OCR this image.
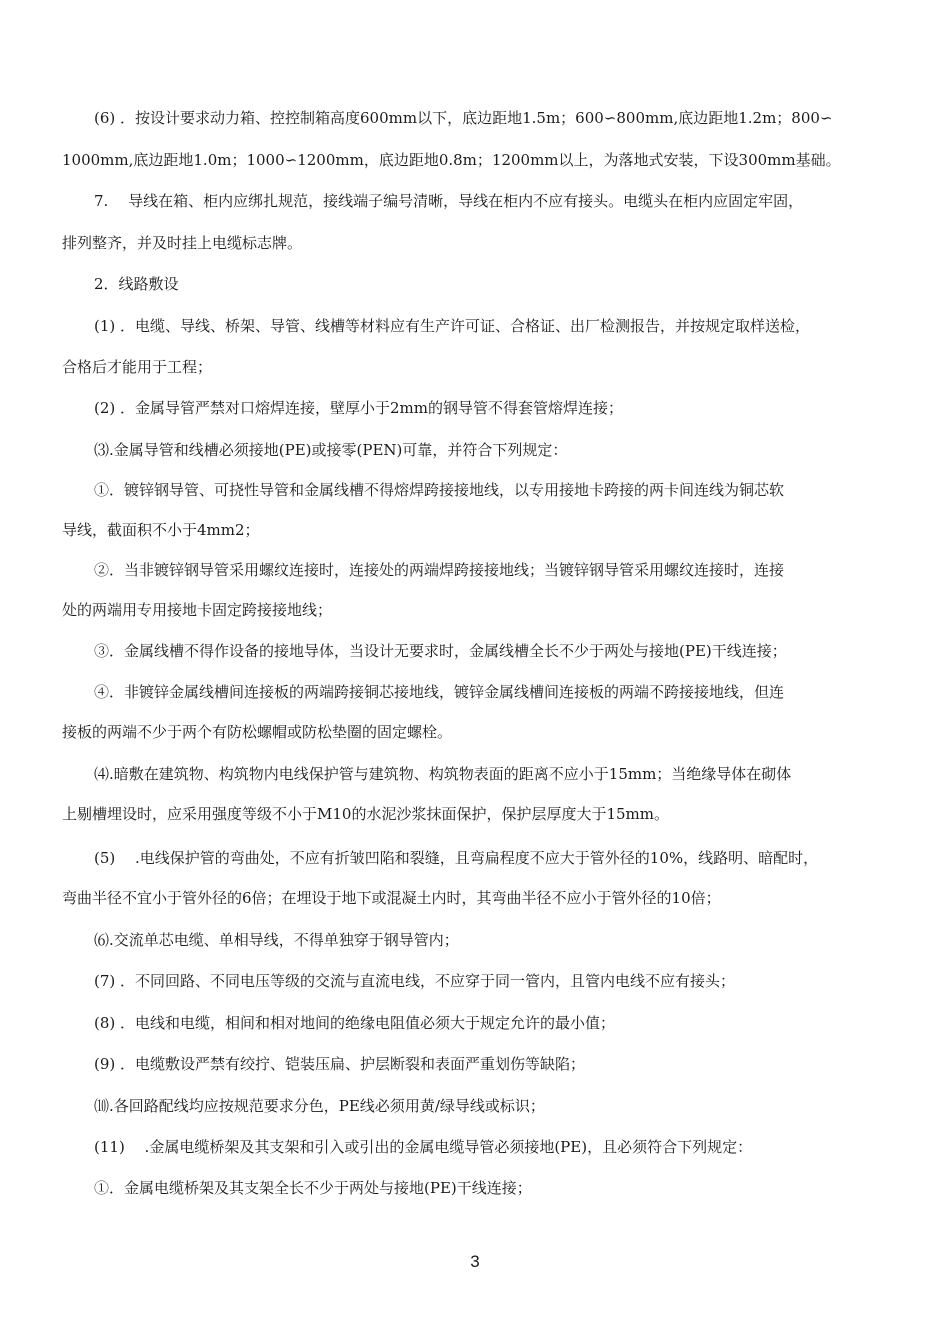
(6) ．按设计要求动力箱、控控制箱高度600mm以下，底边距地1.5m；600∽800mm,底边距地1.2m；800∽
1000mm,底边距地1.0m；1000∽1200mm，底边距地0.8m；1200mm以上，为落地式安装，下设300mm基础。
7.　 导线在箱、柜内应绑扎规范，接线端子编号清晰，导线在柜内不应有接头。电缆头在柜内应固定牢固，
排列整齐，并及时挂上电缆标志牌。
2．线路敷设
(1) ．电缆、导线、桥架、导管、线槽等材料应有生产许可证、合格证、出厂检测报告，并按规定取样送检，
合格后才能用于工程；
(2) ．金属导管严禁对口熔焊连接，壁厚小于2mm的钢导管不得套管熔焊连接；
⑶.金属导管和线槽必须接地(PE)或接零(PEN)可靠，并符合下列规定：
①．镀锌钢导管、可挠性导管和金属线槽不得熔焊跨接接地线，以专用接地卡跨接的两卡间连线为铜芯软
导线，截面积不小于4mm2；
②．当非镀锌钢导管采用螺纹连接时，连接处的两端焊跨接接地线；当镀锌钢导管采用螺纹连接时，连接
处的两端用专用接地卡固定跨接接地线；
③．金属线槽不得作设备的接地导体，当设计无要求时，金属线槽全长不少于两处与接地(PE)干线连接；
④．非镀锌金属线槽间连接板的两端跨接铜芯接地线，镀锌金属线槽间连接板的两端不跨接接地线，但连
接板的两端不少于两个有防松螺帽或防松垫圈的固定螺栓。
⑷.暗敷在建筑物、构筑物内电线保护管与建筑物、构筑物表面的距离不应小于15mm；当绝缘导体在砌体
上剔槽埋设时，应采用强度等级不小于M10的水泥沙浆抹面保护，保护层厚度大于15mm。
(5)　 .电线保护管的弯曲处，不应有折皱凹陷和裂缝，且弯扁程度不应大于管外径的10%，线路明、暗配时，
弯曲半径不宜小于管外径的6倍；在埋设于地下或混凝土内时，其弯曲半径不应小于管外径的10倍；
⑹.交流单芯电缆、单相导线，不得单独穿于钢导管内；
(7) ．不同回路、不同电压等级的交流与直流电线，不应穿于同一管内，且管内电线不应有接头；
(8) ．电线和电缆，相间和相对地间的绝缘电阻值必须大于规定允许的最小值；
(9) ．电缆敷设严禁有绞拧、铠装压扁、护层断裂和表面严重划伤等缺陷；
⑽.各回路配线均应按规范要求分色，PE线必须用黄/绿导线或标识；
(11)　 .金属电缆桥架及其支架和引入或引出的金属电缆导管必须接地(PE)，且必须符合下列规定：
①．金属电缆桥架及其支架全长不少于两处与接地(PE)干线连接；
3
